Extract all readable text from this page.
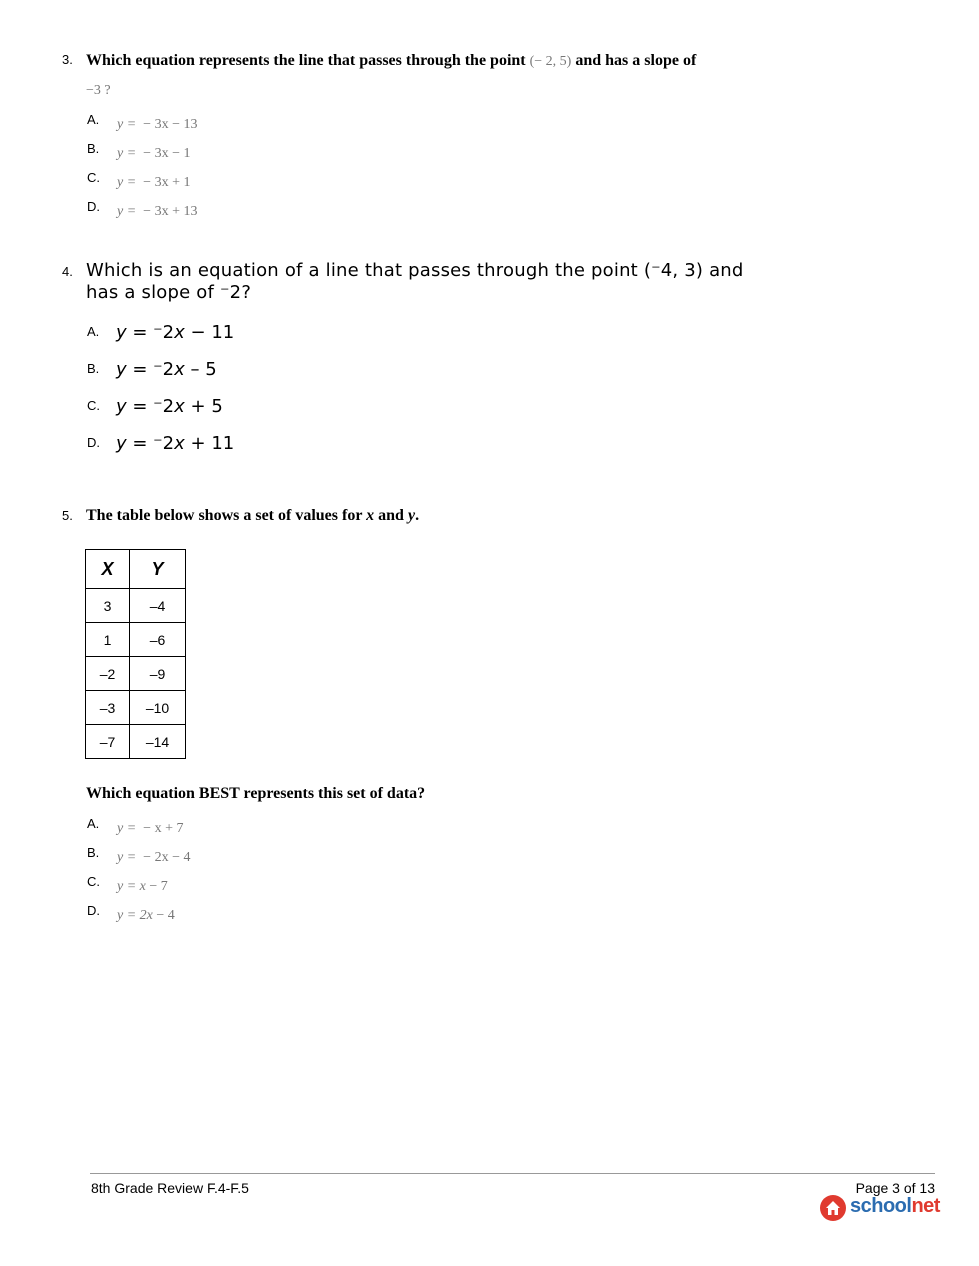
3. Which equation represents the line that passes through the point (− 2, 5) and has a slope of
−3 ?
A. y = − 3x − 13
B. y = − 3x − 1
C. y = − 3x + 1
D. y = − 3x + 13
4. Which is an equation of a line that passes through the point (⁻4, 3) and
has a slope of ⁻2?
A. y = ⁻2x − 11
B. y = ⁻2x – 5
C. y = ⁻2x + 5
D. y = ⁻2x + 11
5. The table below shows a set of values for x and y.
X	Y
3	–4
1	–6
–2	–9
–3	–10
–7	–14
Which equation BEST represents this set of data?
A. y = − x + 7
B. y = − 2x − 4
C. y = x − 7
D. y = 2x − 4
8th Grade Review F.4-F.5	Page 3 of 13
schoolnet
